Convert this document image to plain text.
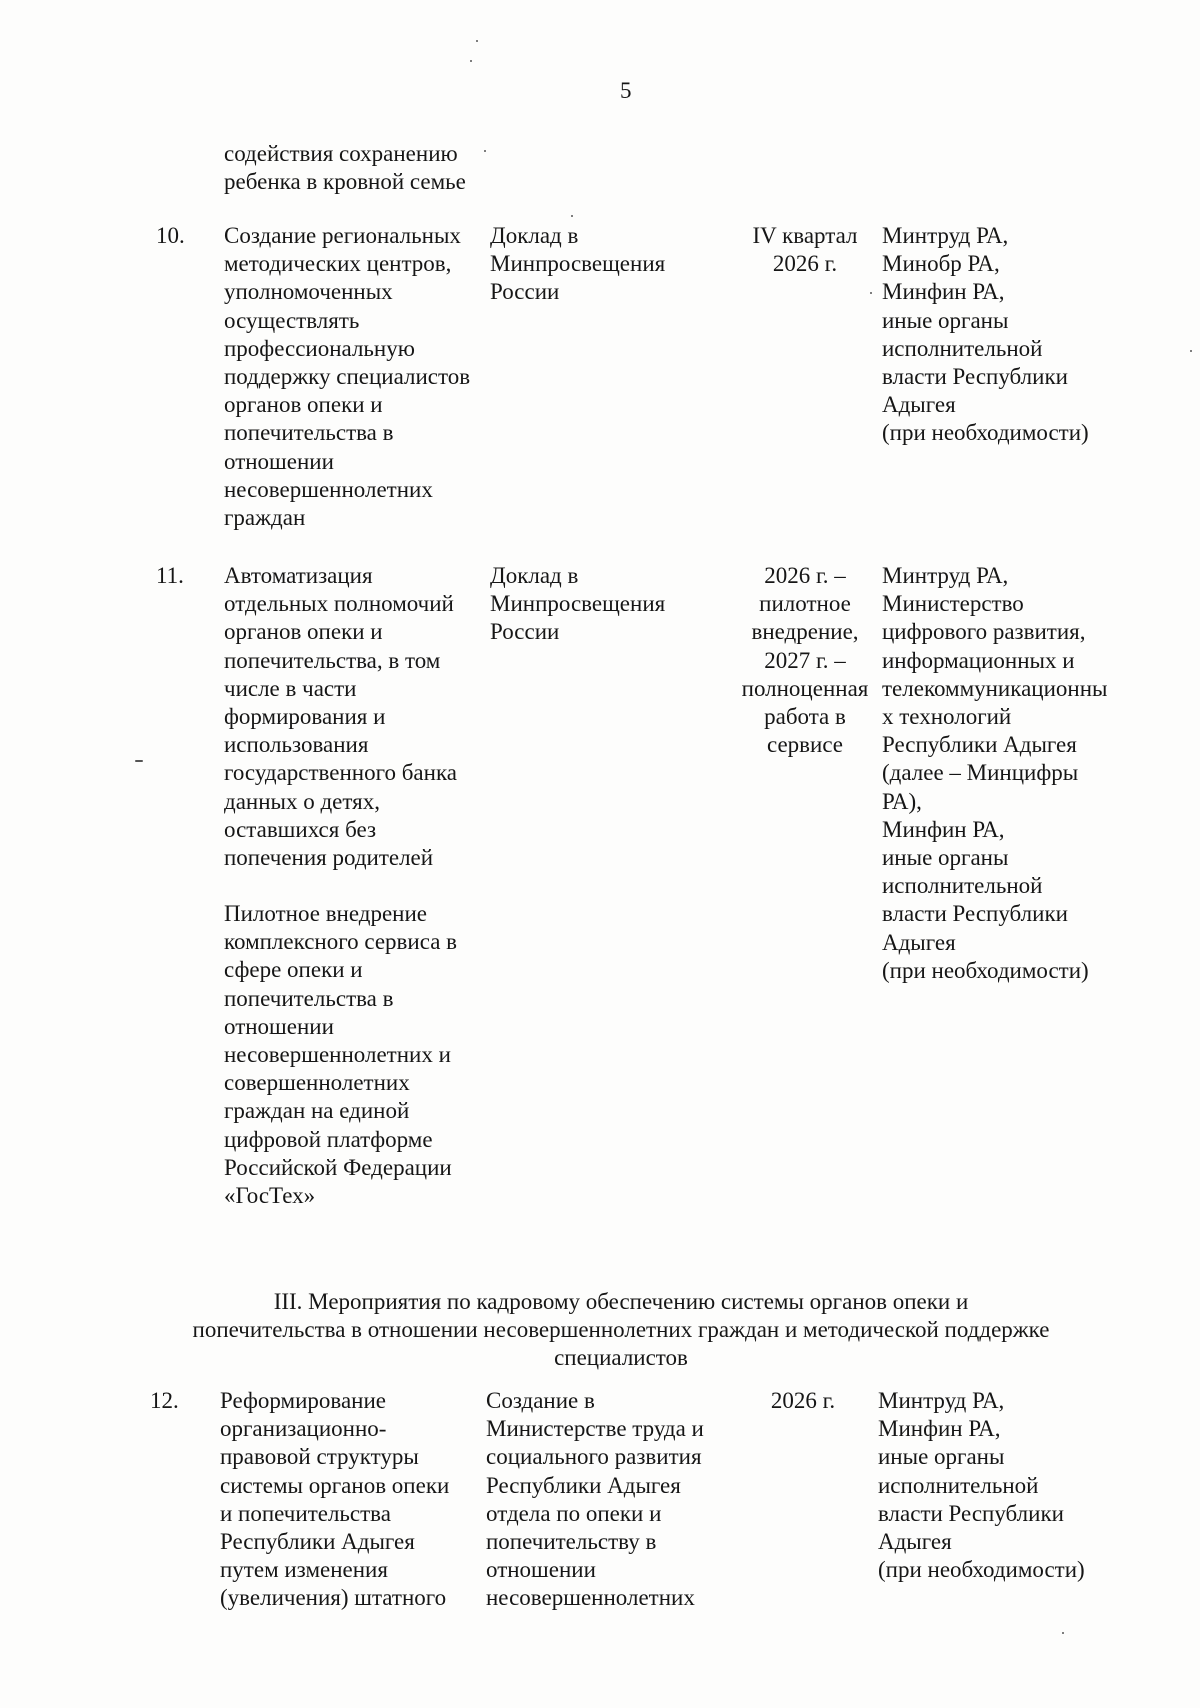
5
содействия сохранению
ребенка в кровной семье
10. Создание региональных
методических центров,
уполномоченных
осуществлять
профессиональную
поддержку специалистов
органов опеки и
попечительства в
отношении
несовершеннолетних
граждан
Доклад в
Минпросвещения
России
IV квартал
2026 г.
Минтруд РА,
Минобр РА,
Минфин РА,
иные органы
исполнительной
власти Республики
Адыгея
(при необходимости)
11. Автоматизация
отдельных полномочий
органов опеки и
попечительства, в том
числе в части
формирования и
использования
государственного банка
данных о детях,
оставшихся без
попечения родителей
Пилотное внедрение
комплексного сервиса в
сфере опеки и
попечительства в
отношении
несовершеннолетних и
совершеннолетних
граждан на единой
цифровой платформе
Российской Федерации
«ГосТех»
Доклад в
Минпросвещения
России
2026 г. –
пилотное
внедрение,
2027 г. –
полноценная
работа в
сервисе
Минтруд РА,
Министерство
цифрового развития,
информационных и
телекоммуникационны
х технологий
Республики Адыгея
(далее – Минцифры
РА),
Минфин РА,
иные органы
исполнительной
власти Республики
Адыгея
(при необходимости)
III. Мероприятия по кадровому обеспечению системы органов опеки и
попечительства в отношении несовершеннолетних граждан и методической поддержке
специалистов
12. Реформирование
организационно-
правовой структуры
системы органов опеки
и попечительства
Республики Адыгея
путем изменения
(увеличения) штатного
Создание в
Министерстве труда и
социального развития
Республики Адыгея
отдела по опеки и
попечительству в
отношении
несовершеннолетних
2026 г.	Минтруд РА,
Минфин РА,
иные органы
исполнительной
власти Республики
Адыгея
(при необходимости)
